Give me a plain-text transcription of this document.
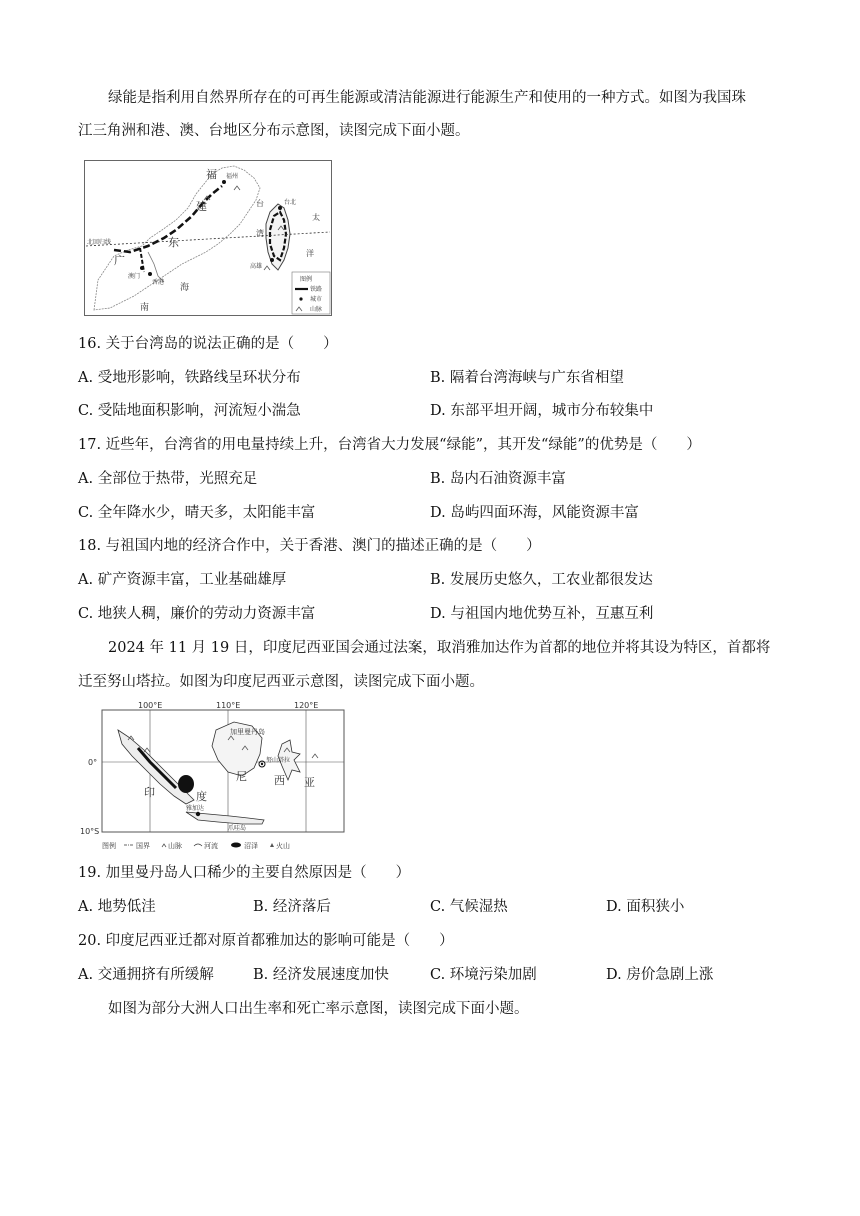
绿能是指利用自然界所存在的可再生能源或清洁能源进行能源生产和使用的一种方式。如图为我国珠
江三角洲和港、澳、台地区分布示意图，读图完成下面小题。
福
建
东
广
海
南
台
湾
太
洋
北回归线
香港
澳门
福州
台北
高雄
图例
铁路
城市
山脉
16. 关于台湾岛的说法正确的是（　　）
A. 受地形影响，铁路线呈环状分布	B. 隔着台湾海峡与广东省相望
C. 受陆地面积影响，河流短小湍急	D. 东部平坦开阔，城市分布较集中
17. 近些年，台湾省的用电量持续上升，台湾省大力发展“绿能”，其开发“绿能”的优势是（　　）
A. 全部位于热带，光照充足	B. 岛内石油资源丰富
C. 全年降水少，晴天多，太阳能丰富	D. 岛屿四面环海，风能资源丰富
18. 与祖国内地的经济合作中，关于香港、澳门的描述正确的是（　　）
A. 矿产资源丰富，工业基础雄厚	B. 发展历史悠久，工农业都很发达
C. 地狭人稠，廉价的劳动力资源丰富	D. 与祖国内地优势互补，互惠互利
2024 年 11 月 19 日，印度尼西亚国会通过法案，取消雅加达作为首都的地位并将其设为特区，首都将
迁至努山塔拉。如图为印度尼西亚示意图，读图完成下面小题。
100°E	110°E	120°E
0°
10°S
加里曼丹岛
印	度
尼 西 亚
雅加达
努山塔拉
爪哇岛
图例	国界	山脉	河流	沼泽	火山
19. 加里曼丹岛人口稀少的主要自然原因是（　　）
A. 地势低洼	B. 经济落后	C. 气候湿热	D. 面积狭小
20. 印度尼西亚迁都对原首都雅加达的影响可能是（　　）
A. 交通拥挤有所缓解	B. 经济发展速度加快	C. 环境污染加剧	D. 房价急剧上涨
如图为部分大洲人口出生率和死亡率示意图，读图完成下面小题。
